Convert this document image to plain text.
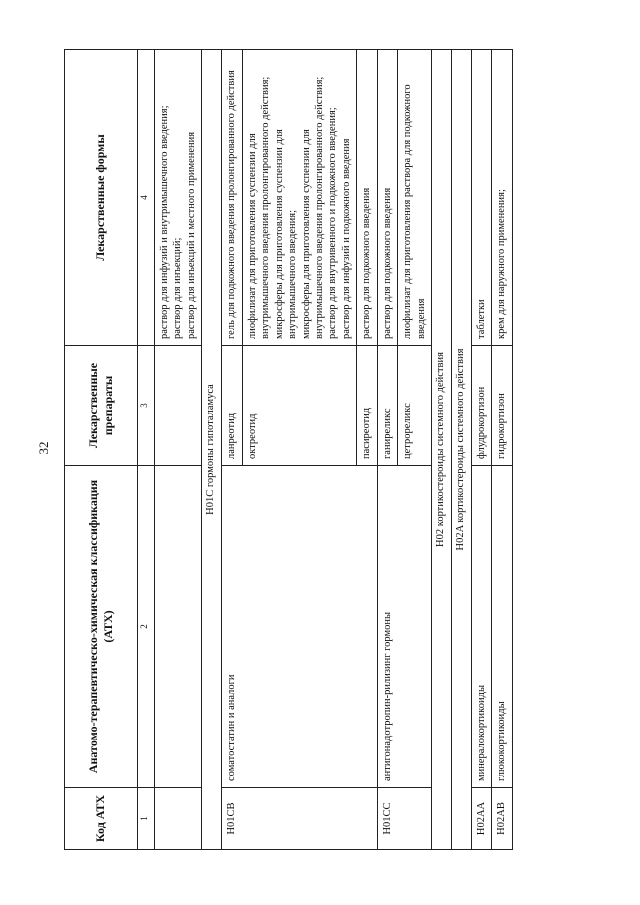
32
Код АТХ	Анатомо-терапевтическо-химическая классификация (АТХ)	Лекарственные препараты	Лекарственные формы
1	2	3	4

			раствор для инфузий и внутримышечного введения; раствор для инъекций; раствор для инъекций и местного применения

H01C гормоны гипоталамуса			
H01CB	соматостатин и аналоги	ланреотид	гель для подкожного введения пролонгированного действия

		октреотид	лиофилизат для приготовления суспензии для внутримышечного введения пролонгированного действия; микросферы для приготовления суспензии для внутримышечного введения; микросферы для приготовления суспензии для внутримышечного введения пролонгированного действия; раствор для внутривенного и подкожного введения; раствор для инфузий и подкожного введения

		пасиреотид	раствор для подкожного введения

H01CC	антигонадотропин-рилизинг гормоны	ганиреликс	раствор для подкожного введения

		цетрореликс	лиофилизат для приготовления раствора для подкожного введения

H02 кортикостероиды системного действия			
H02A кортикостероиды системного действия			
H02AA	минералокортикоиды	флудрокортизон	таблетки

H02AB	глюкокортикоиды	гидрокортизон	крем для наружного применения;
